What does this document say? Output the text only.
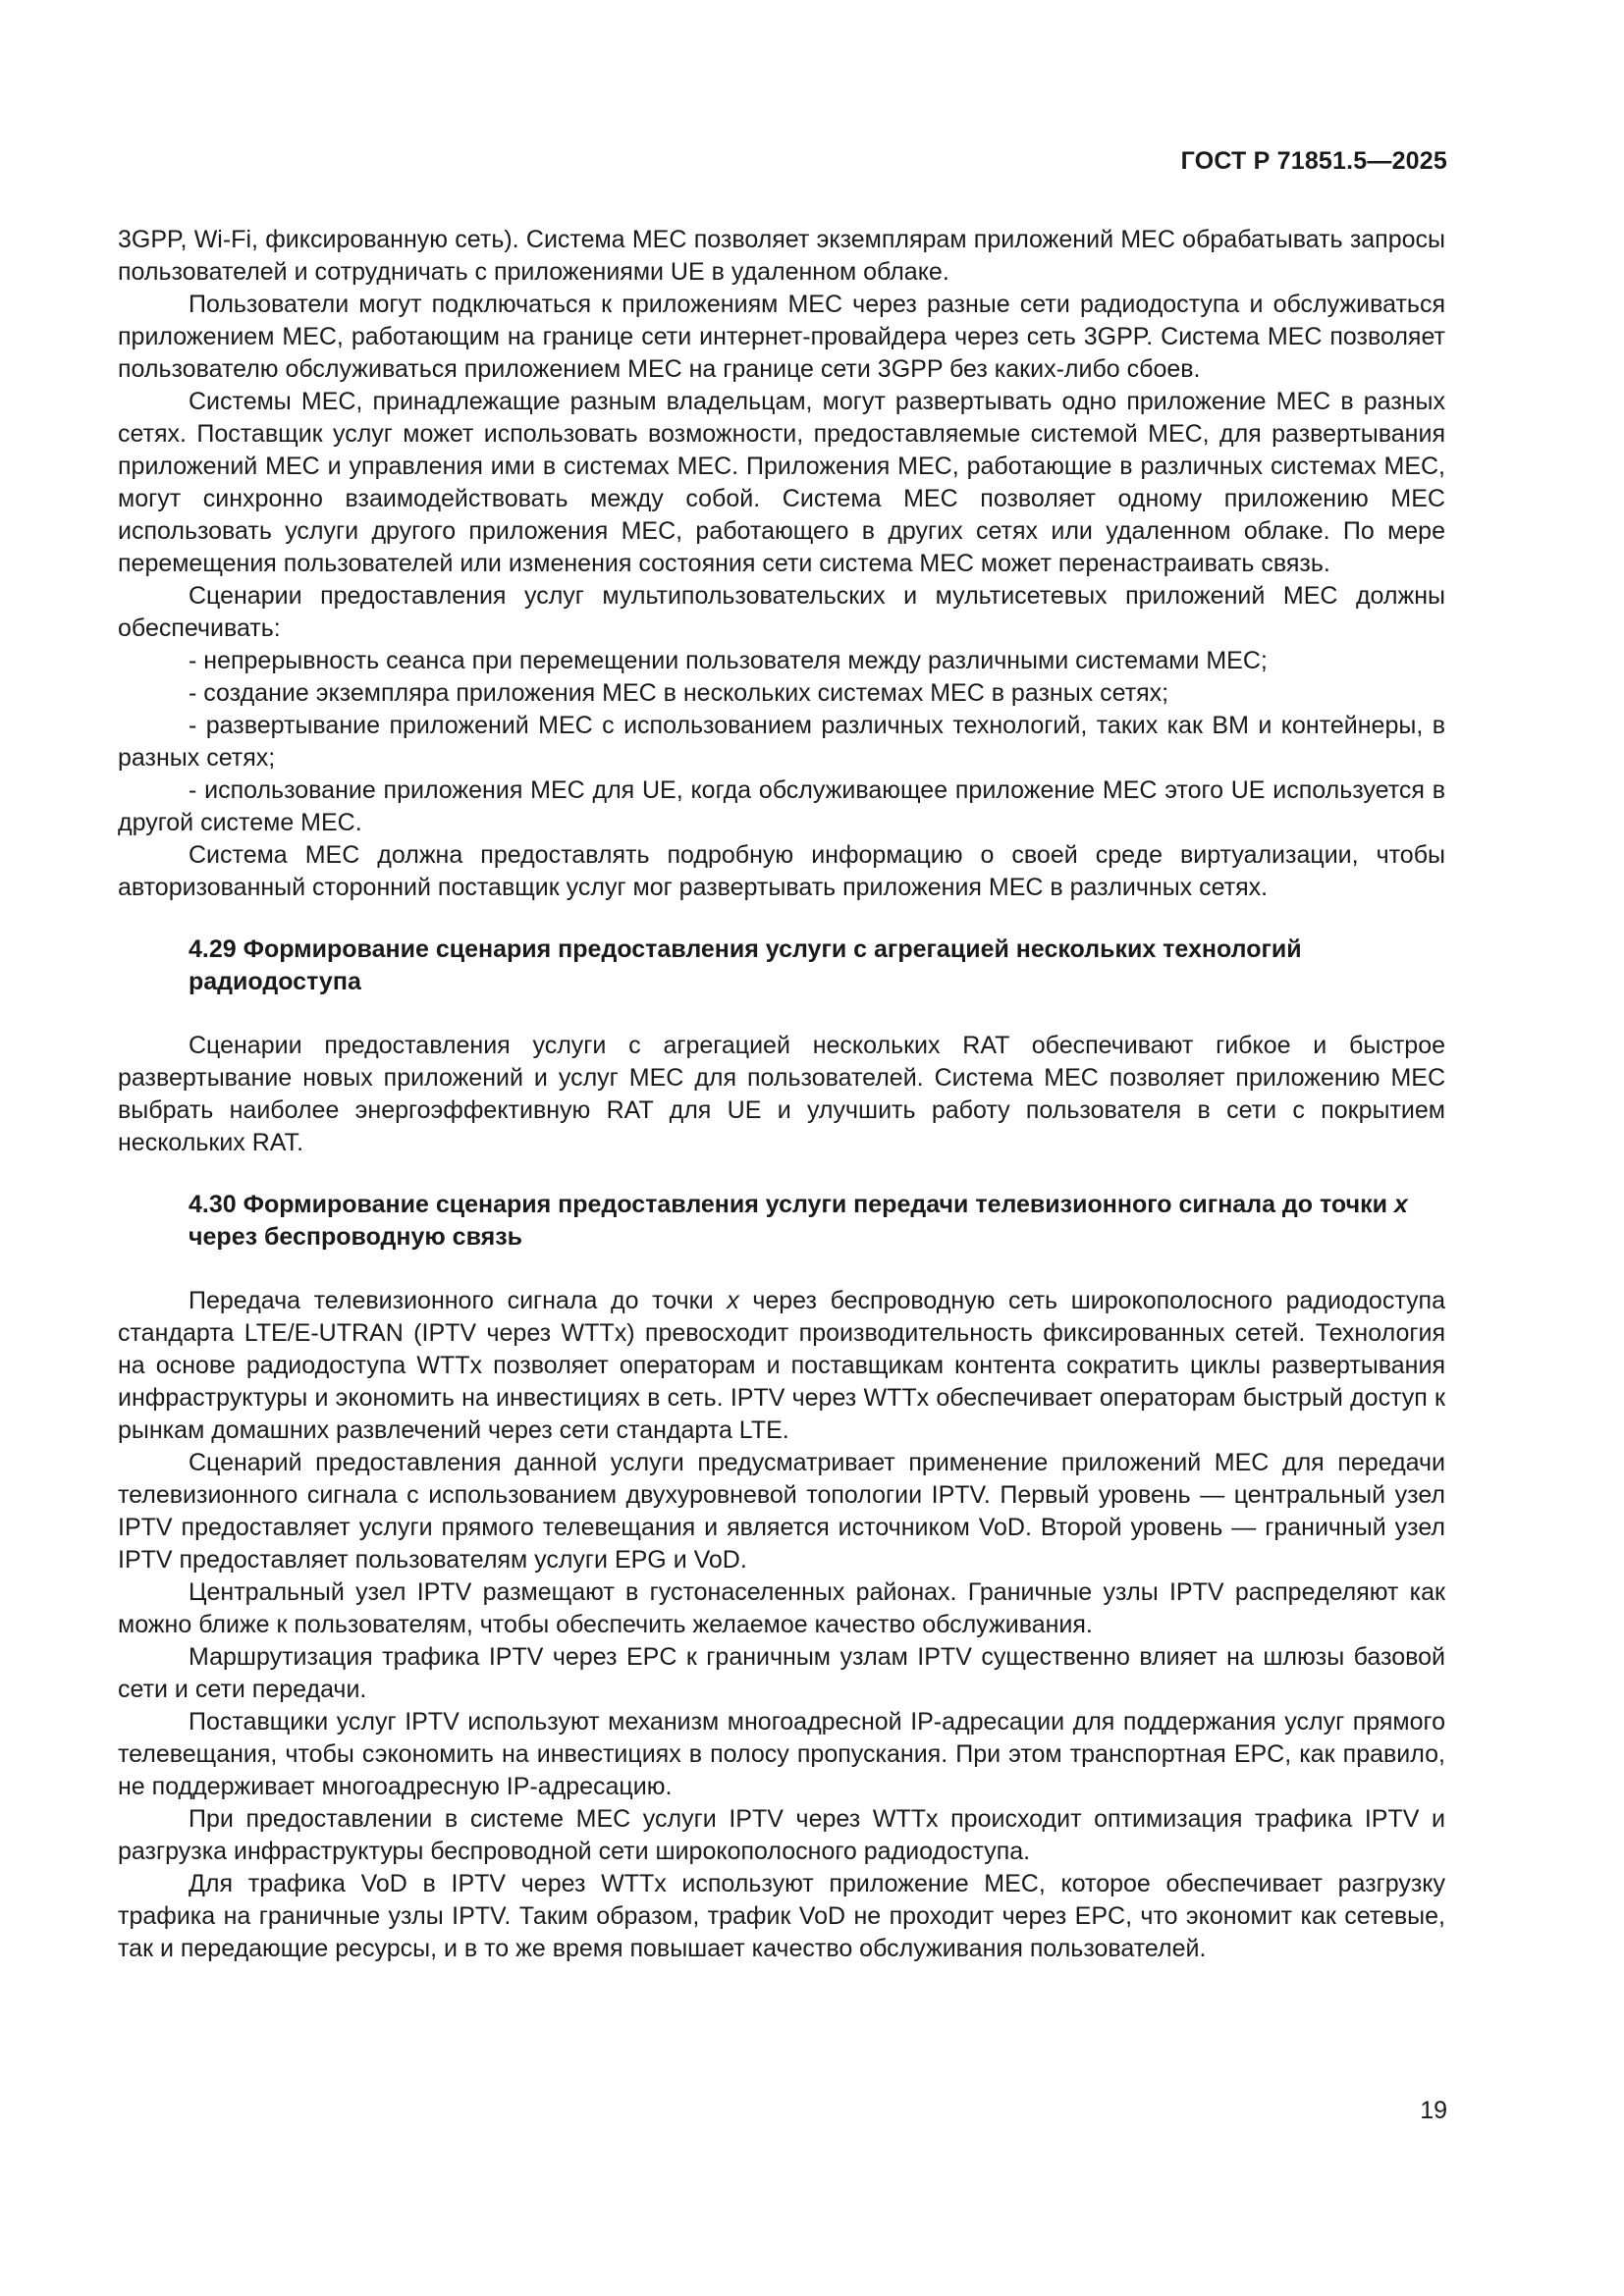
ГОСТ Р 71851.5—2025

3GPP, Wi-Fi, фиксированную сеть). Система MEC позволяет экземплярам приложений MEC обрабатывать запросы пользователей и сотрудничать с приложениями UE в удаленном облаке.

Пользователи могут подключаться к приложениям MEC через разные сети радиодоступа и обслуживаться приложением MEC, работающим на границе сети интернет-провайдера через сеть 3GPP. Система MEC позволяет пользователю обслуживаться приложением MEC на границе сети 3GPP без каких-либо сбоев.

Системы MEC, принадлежащие разным владельцам, могут развертывать одно приложение MEC в разных сетях. Поставщик услуг может использовать возможности, предоставляемые системой MEC, для развертывания приложений MEC и управления ими в системах MEC. Приложения MEC, работающие в различных системах MEC, могут синхронно взаимодействовать между собой. Система MEC позволяет одному приложению MEC использовать услуги другого приложения MEC, работающего в других сетях или удаленном облаке. По мере перемещения пользователей или изменения состояния сети система MEC может перенастраивать связь.

Сценарии предоставления услуг мультипользовательских и мультисетевых приложений MEC должны обеспечивать:

- непрерывность сеанса при перемещении пользователя между различными системами MEC;

- создание экземпляра приложения MEC в нескольких системах MEC в разных сетях;

- развертывание приложений MEC с использованием различных технологий, таких как ВМ и контейнеры, в разных сетях;

- использование приложения MEC для UE, когда обслуживающее приложение MEC этого UE используется в другой системе MEC.

Система MEC должна предоставлять подробную информацию о своей среде виртуализации, чтобы авторизованный сторонний поставщик услуг мог развертывать приложения MEC в различных сетях.

4.29 Формирование сценария предоставления услуги с агрегацией нескольких технологий радиодоступа

Сценарии предоставления услуги с агрегацией нескольких RAT обеспечивают гибкое и быстрое развертывание новых приложений и услуг MEC для пользователей. Система MEC позволяет приложению MEC выбрать наиболее энергоэффективную RAT для UE и улучшить работу пользователя в сети с покрытием нескольких RAT.

4.30 Формирование сценария предоставления услуги передачи телевизионного сигнала до точки x через беспроводную связь

Передача телевизионного сигнала до точки x через беспроводную сеть широкополосного радиодоступа стандарта LTE/E-UTRAN (IPTV через WTTx) превосходит производительность фиксированных сетей. Технология на основе радиодоступа WTTx позволяет операторам и поставщикам контента сократить циклы развертывания инфраструктуры и экономить на инвестициях в сеть. IPTV через WTTx обеспечивает операторам быстрый доступ к рынкам домашних развлечений через сети стандарта LTE.

Сценарий предоставления данной услуги предусматривает применение приложений MEC для передачи телевизионного сигнала с использованием двухуровневой топологии IPTV. Первый уровень — центральный узел IPTV предоставляет услуги прямого телевещания и является источником VoD. Второй уровень — граничный узел IPTV предоставляет пользователям услуги EPG и VoD.

Центральный узел IPTV размещают в густонаселенных районах. Граничные узлы IPTV распределяют как можно ближе к пользователям, чтобы обеспечить желаемое качество обслуживания.

Маршрутизация трафика IPTV через EPC к граничным узлам IPTV существенно влияет на шлюзы базовой сети и сети передачи.

Поставщики услуг IPTV используют механизм многоадресной IP-адресации для поддержания услуг прямого телевещания, чтобы сэкономить на инвестициях в полосу пропускания. При этом транспортная EPC, как правило, не поддерживает многоадресную IP-адресацию.

При предоставлении в системе MEC услуги IPTV через WTTx происходит оптимизация трафика IPTV и разгрузка инфраструктуры беспроводной сети широкополосного радиодоступа.

Для трафика VoD в IPTV через WTTx используют приложение MEC, которое обеспечивает разгрузку трафика на граничные узлы IPTV. Таким образом, трафик VoD не проходит через EPC, что экономит как сетевые, так и передающие ресурсы, и в то же время повышает качество обслуживания пользователей.

19
